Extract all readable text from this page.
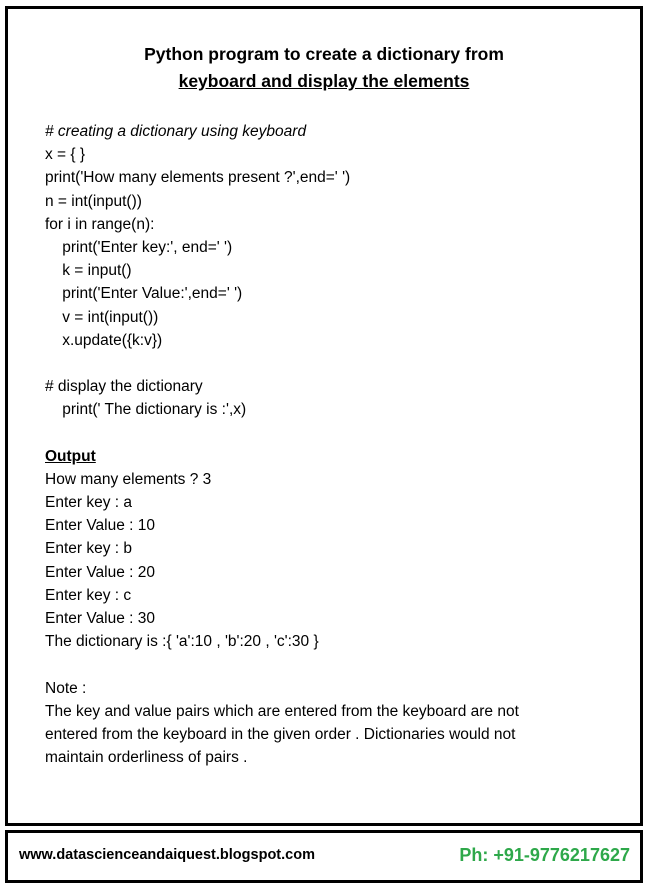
Python program to create a dictionary from
keyboard and display the elements
# creating a dictionary using keyboard
x = { }
print('How many elements present ?',end=' ')
n = int(input())
for i in range(n):
print('Enter key:', end=' ')
k = input()
print('Enter Value:',end=' ')
v = int(input())
x.update({k:v})
# display the dictionary
print(' The dictionary is :',x)
Output
How many elements ? 3
Enter key : a
Enter Value : 10
Enter key : b
Enter Value : 20
Enter key : c
Enter Value : 30
The dictionary is :{ 'a':10 , 'b':20 , 'c':30 }
Note :
The key and value pairs which are entered from the keyboard are not
entered from the keyboard in the given order . Dictionaries would not
maintain orderliness of pairs .
www.datascienceandaiquest.blogspot.com	Ph: +91-9776217627
